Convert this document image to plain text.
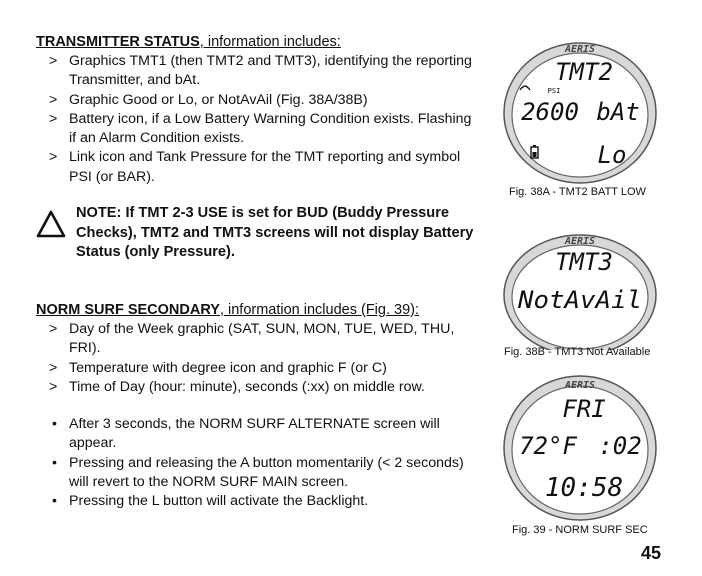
TRANSMITTER STATUS, information includes:
> Graphics TMT1 (then TMT2 and TMT3), identifying the reporting Transmitter, and bAt.
> Graphic Good or Lo, or NotAvAil (Fig. 38A/38B)
> Battery icon, if a Low Battery Warning Condition exists. Flashing if an Alarm Condition exists.
> Link icon and Tank Pressure for the TMT reporting and symbol PSI (or BAR).
NOTE: If TMT 2-3 USE is set for BUD (Buddy Pressure Checks), TMT2 and TMT3 screens will not display Battery Status (only Pressure).
NORM SURF SECONDARY, information includes (Fig. 39):
> Day of the Week graphic (SAT, SUN, MON, TUE, WED, THU, FRI).
> Temperature with degree icon and graphic F (or C)
> Time of Day (hour: minute), seconds (:xx) on middle row.
• After 3 seconds, the NORM SURF ALTERNATE screen will appear.
• Pressing and releasing the A button momentarily (< 2 seconds) will revert to the NORM SURF MAIN screen.
• Pressing the L button will activate the Backlight.
AERIS
TMT2
PSI
2600 bAt
Lo
Fig. 38A - TMT2 BATT LOW
AERIS
TMT3
NotAvAil
Fig. 38B - TMT3 Not Available
AERIS
FRI
72°F :02
10:58
Fig. 39 - NORM SURF SEC
45
